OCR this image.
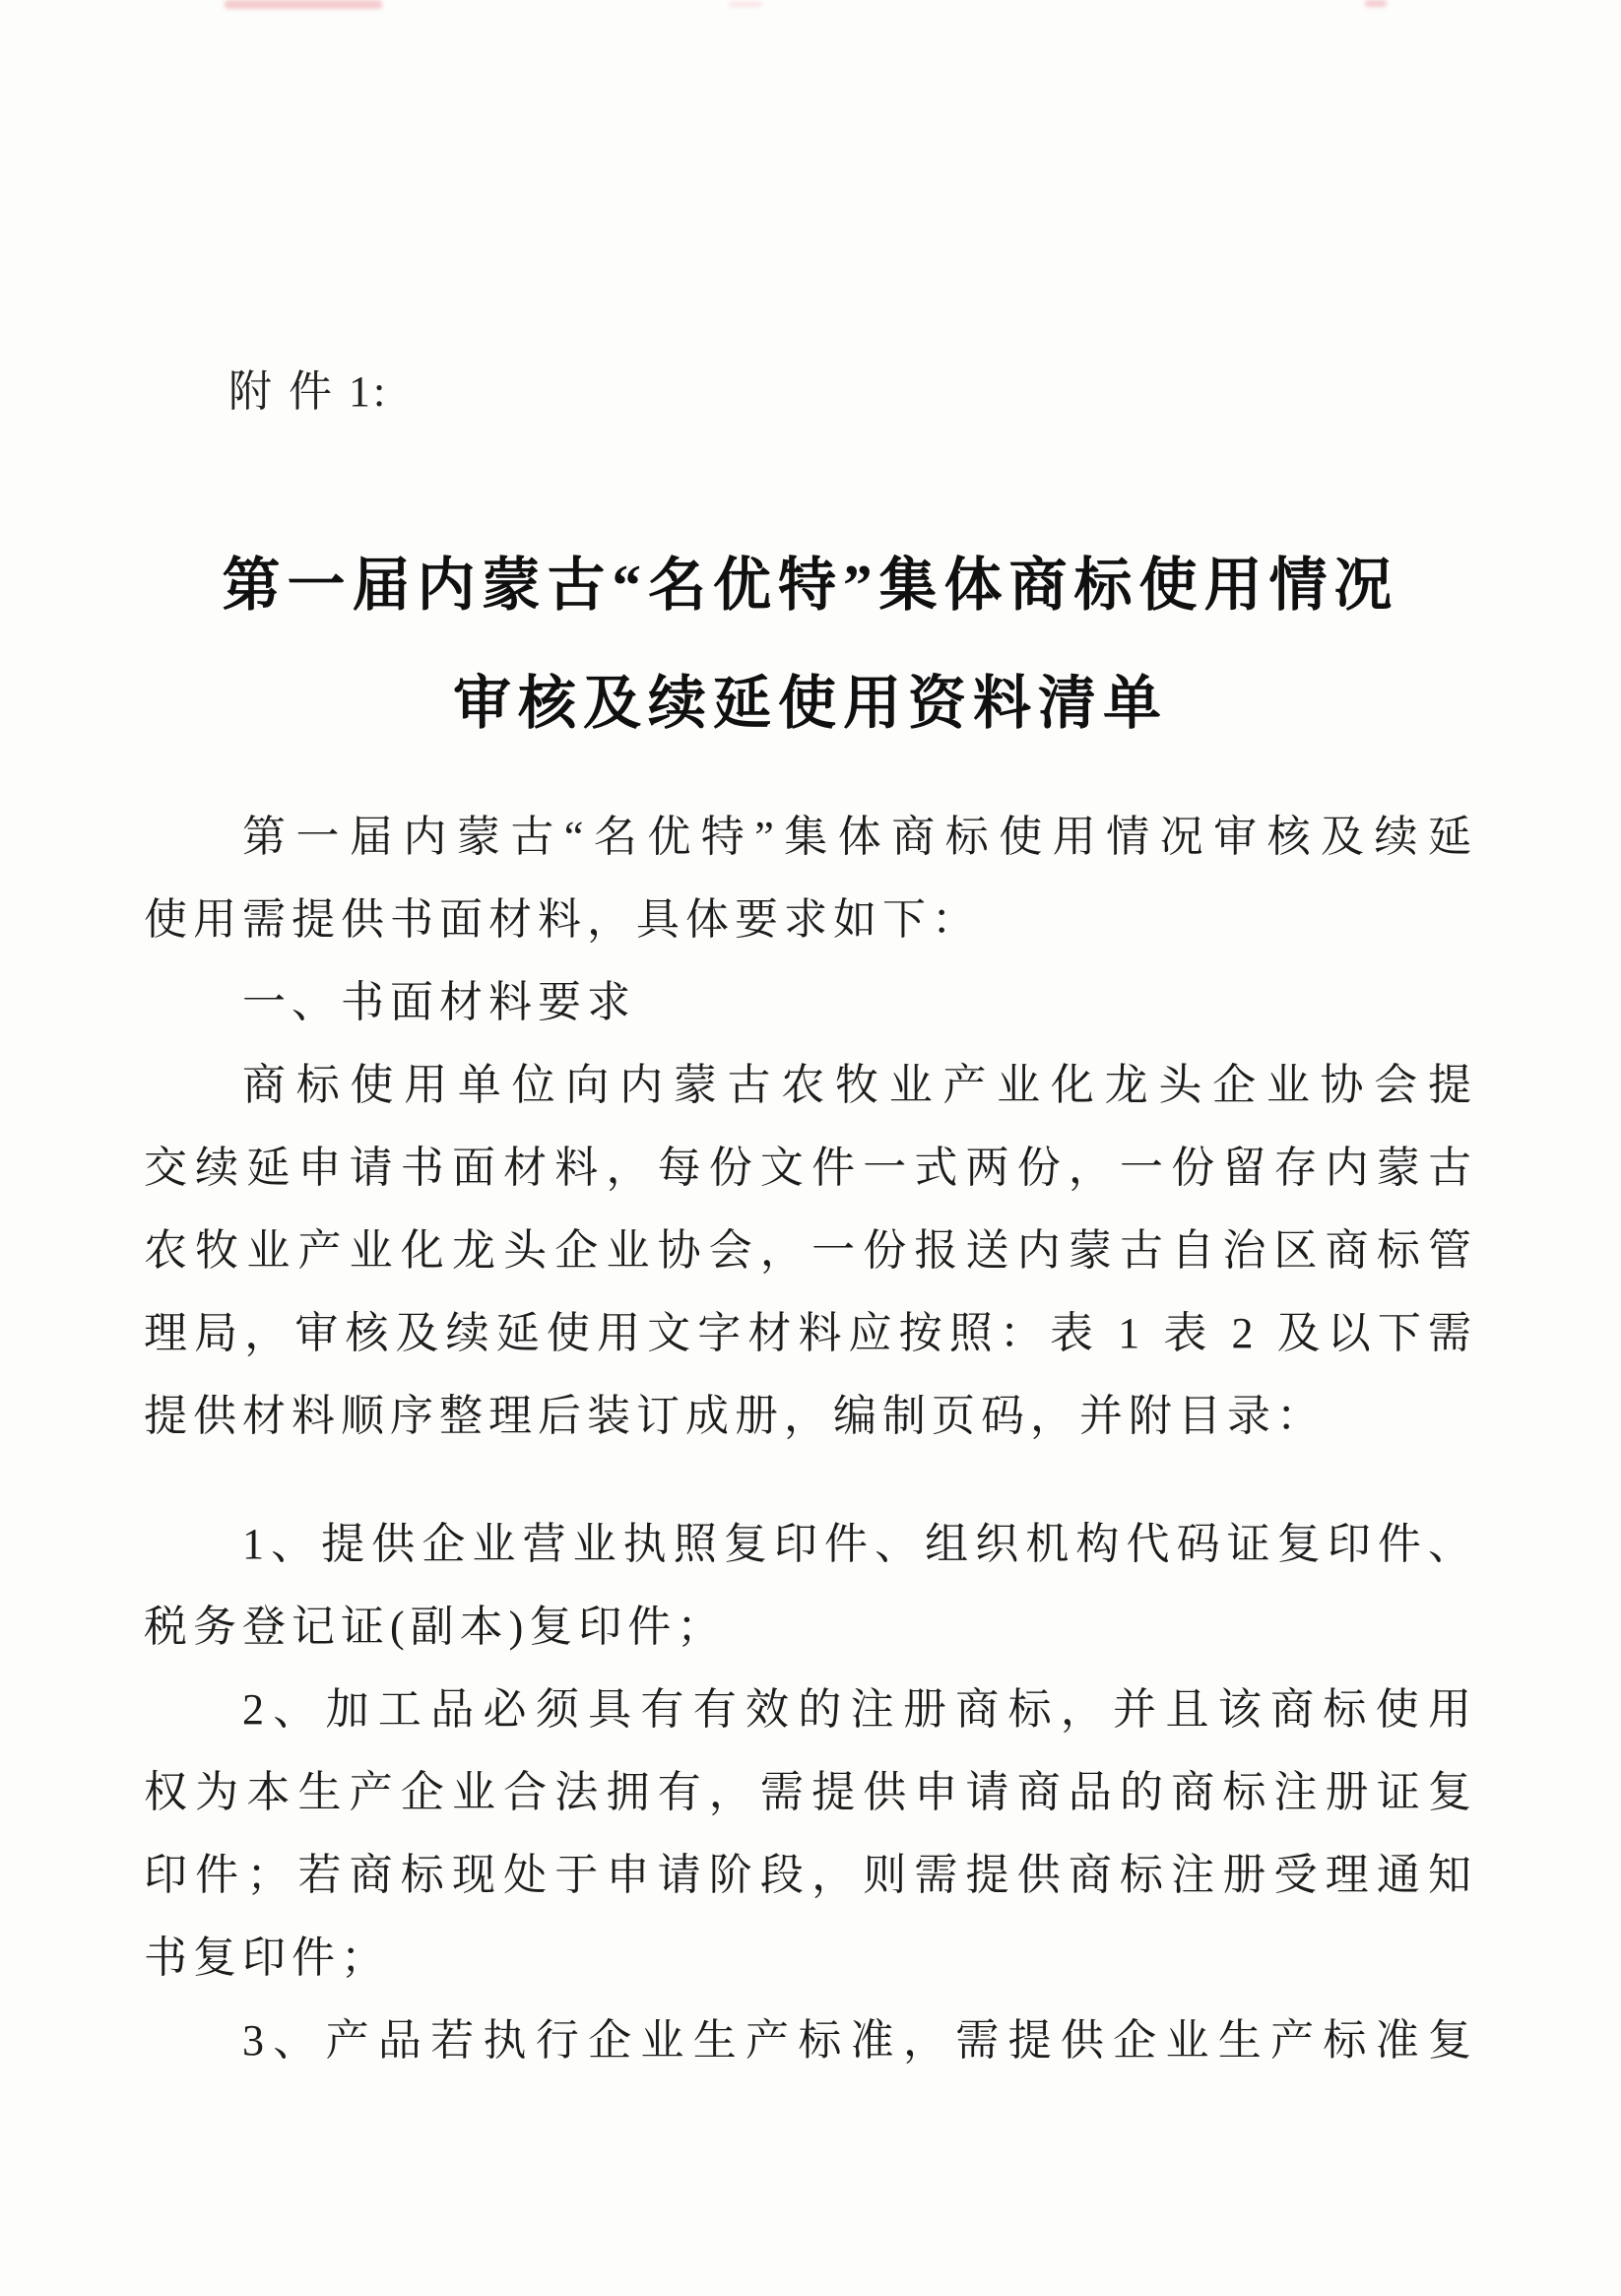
附 件 1:
第一届内蒙古“名优特”集体商标使用情况
审核及续延使用资料清单
第一届内蒙古“名优特”集体商标使用情况审核及续延
使用需提供书面材料，具体要求如下：
一、书面材料要求
商标使用单位向内蒙古农牧业产业化龙头企业协会提
交续延申请书面材料，每份文件一式两份，一份留存内蒙古
农牧业产业化龙头企业协会，一份报送内蒙古自治区商标管
理局，审核及续延使用文字材料应按照：表 1 表 2 及以下需
提供材料顺序整理后装订成册，编制页码，并附目录：
1、提供企业营业执照复印件、组织机构代码证复印件、
税务登记证(副本)复印件；
2、加工品必须具有有效的注册商标，并且该商标使用
权为本生产企业合法拥有，需提供申请商品的商标注册证复
印件；若商标现处于申请阶段，则需提供商标注册受理通知
书复印件；
3、产品若执行企业生产标准，需提供企业生产标准复
